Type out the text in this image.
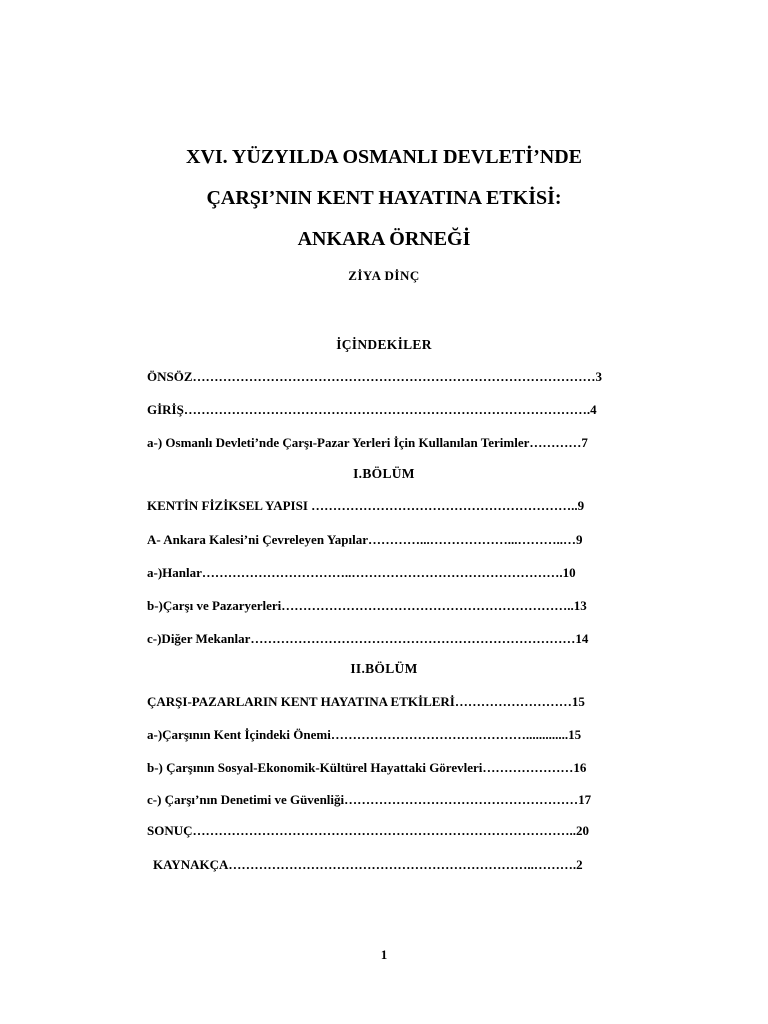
XVI. YÜZYILDA OSMANLI DEVLETİ’NDE
ÇARŞI’NIN KENT HAYATINA ETKİSİ:
ANKARA ÖRNEĞİ
ZİYA DİNÇ
İÇİNDEKİLER
ÖNSÖZ…………………………………………………………………………………3
GİRİŞ………………………………………………………………………………….4
a-) Osmanlı Devleti’nde Çarşı-Pazar Yerleri İçin Kullanılan Terimler…………7
I.BÖLÜM
KENTİN FİZİKSEL YAPISI ……………………………………………………..9
A- Ankara Kalesi’ni Çevreleyen Yapılar…………...………………...………..…9
a-)Hanlar……………………………..………………………………………….10
b-)Çarşı ve Pazaryerleri…………………………………………………………..13
c-)Diğer Mekanlar…………………………………………………………………14
II.BÖLÜM
ÇARŞI-PAZARLARIN KENT HAYATINA ETKİLERİ………………………15
a-)Çarşının Kent İçindeki Önemi……………………………………….............15
b-) Çarşının Sosyal-Ekonomik-Kültürel Hayattaki Görevleri…………………16
c-) Çarşı’nın Denetimi ve Güvenliği………………………………………………17
SONUÇ……………………………………………………………………………..20
KAYNAKÇA……………………………………………………………..……….2
1
